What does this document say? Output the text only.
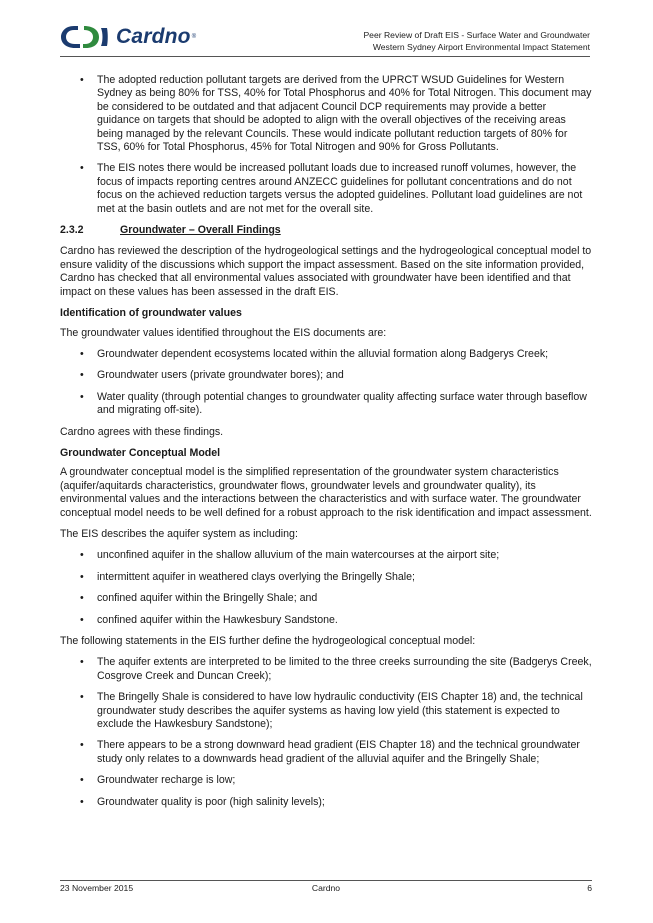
Cardno ®	Peer Review of Draft EIS - Surface Water and Groundwater
Western Sydney Airport Environmental Impact Statement
• The adopted reduction pollutant targets are derived from the UPRCT WSUD Guidelines for Western Sydney as being 80% for TSS, 40% for Total Phosphorus and 40% for Total Nitrogen. This document may be considered to be outdated and that adjacent Council DCP requirements may provide a better guidance on targets that should be adopted to align with the overall objectives of the receiving areas being managed by the relevant Councils. These would indicate pollutant reduction targets of 80% for TSS, 60% for Total Phosphorus, 45% for Total Nitrogen and 90% for Gross Pollutants.
• The EIS notes there would be increased pollutant loads due to increased runoff volumes, however, the focus of impacts reporting centres around ANZECC guidelines for pollutant concentrations and do not focus on the achieved reduction targets versus the adopted guidelines. Pollutant load guidelines are not met at the basin outlets and are not met for the overall site.
2.3.2	Groundwater – Overall Findings

Cardno has reviewed the description of the hydrogeological settings and the hydrogeological conceptual model to ensure validity of the discussions which support the impact assessment. Based on the site information provided, Cardno has checked that all environmental values associated with groundwater have been identified and that impact on these values has been assessed in the draft EIS.

Identification of groundwater values

The groundwater values identified throughout the EIS documents are:

• Groundwater dependent ecosystems located within the alluvial formation along Badgerys Creek;
• Groundwater users (private groundwater bores); and
• Water quality (through potential changes to groundwater quality affecting surface water through baseflow and migrating off-site).

Cardno agrees with these findings.

Groundwater Conceptual Model

A groundwater conceptual model is the simplified representation of the groundwater system characteristics (aquifer/aquitards characteristics, groundwater flows, groundwater levels and groundwater quality), its environmental values and the interactions between the characteristics and with surface water. The groundwater conceptual model needs to be well defined for a robust approach to the risk identification and impact assessment.

The EIS describes the aquifer system as including:

• unconfined aquifer in the shallow alluvium of the main watercourses at the airport site;
• intermittent aquifer in weathered clays overlying the Bringelly Shale;
• confined aquifer within the Bringelly Shale; and
• confined aquifer within the Hawkesbury Sandstone.

The following statements in the EIS further define the hydrogeological conceptual model:

• The aquifer extents are interpreted to be limited to the three creeks surrounding the site (Badgerys Creek, Cosgrove Creek and Duncan Creek);
• The Bringelly Shale is considered to have low hydraulic conductivity (EIS Chapter 18) and, the technical groundwater study describes the aquifer systems as having low yield (this statement is expected to exclude the Hawkesbury Sandstone);
• There appears to be a strong downward head gradient (EIS Chapter 18) and the technical groundwater study only relates to a downwards head gradient of the alluvial aquifer and the Bringelly Shale;
• Groundwater recharge is low;
• Groundwater quality is poor (high salinity levels);
23 November 2015	Cardno	6
